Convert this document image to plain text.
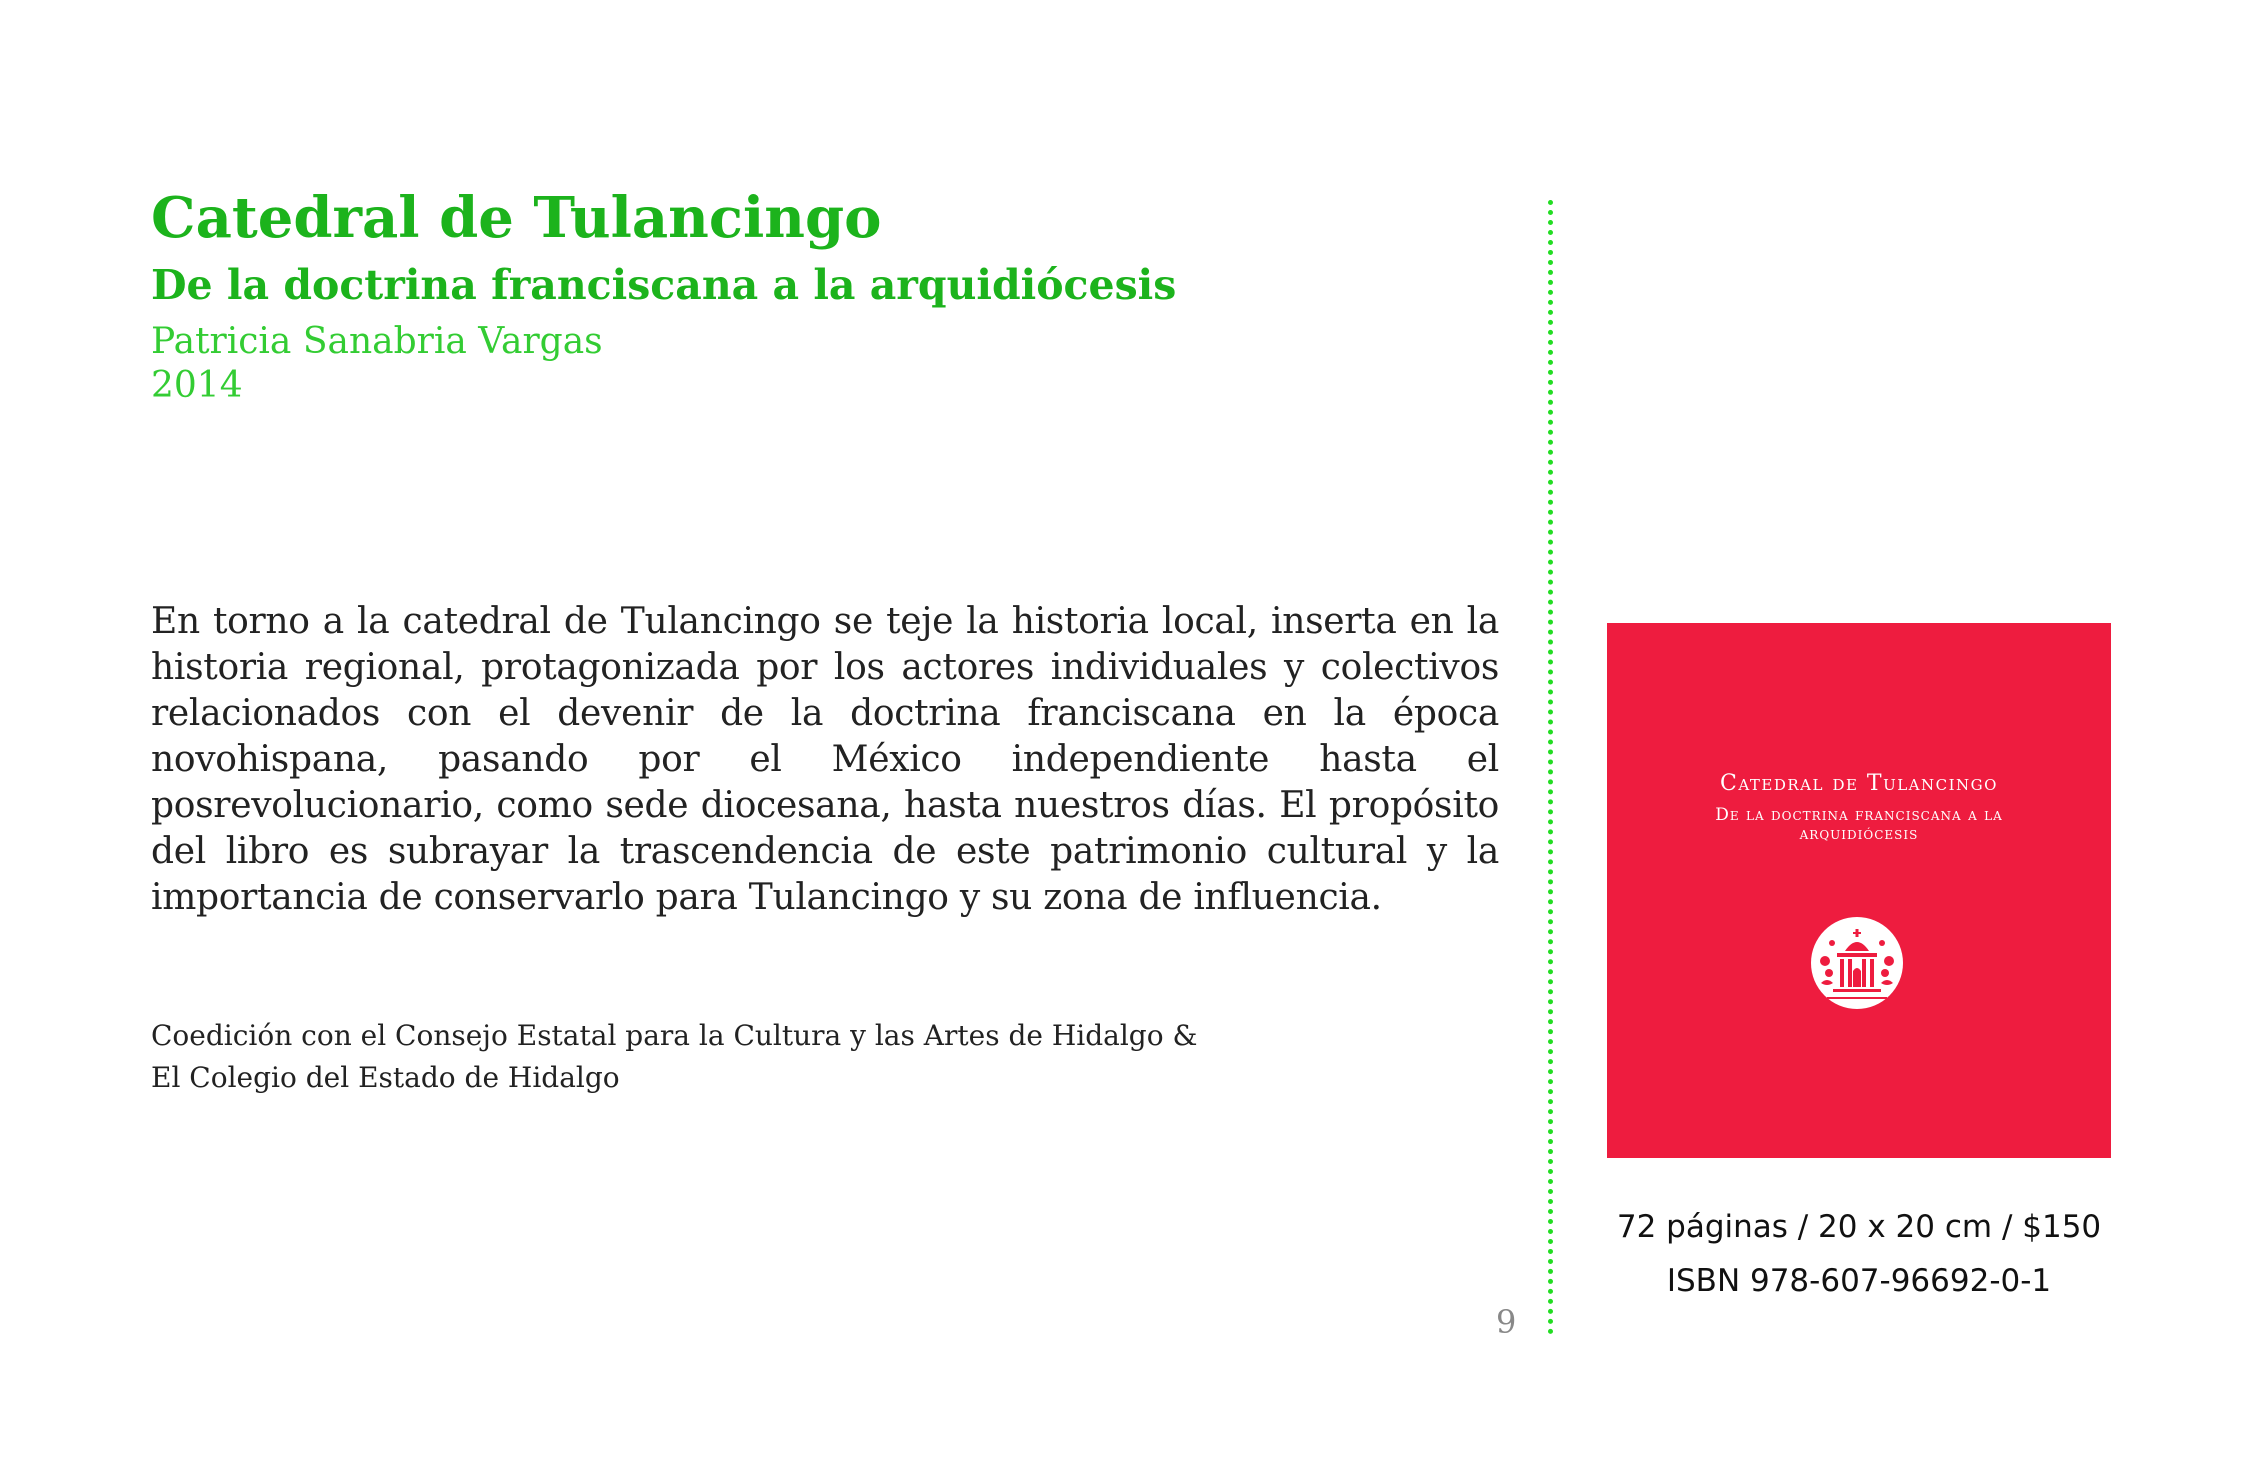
Catedral de Tulancingo
De la doctrina franciscana a la arquidiócesis
Patricia Sanabria Vargas
2014

En torno a la catedral de Tulancingo se teje la historia local, inserta en la historia regional, protagonizada por los actores individuales y colectivos relacionados con el devenir de la doctrina franciscana en la época novohispana, pasando por el México independiente hasta el posrevolucionario, como sede diocesana, hasta nuestros días. El propósito del libro es subrayar la trascendencia de este patrimonio cultural y la importancia de conservarlo para Tulancingo y su zona de influencia.

Coedición con el Consejo Estatal para la Cultura y las Artes de Hidalgo &
El Colegio del Estado de Hidalgo
9
Catedral de Tulancingo
De la doctrina franciscana a la arquidiócesis
72 páginas / 20 x 20 cm / $150
ISBN 978-607-96692-0-1
